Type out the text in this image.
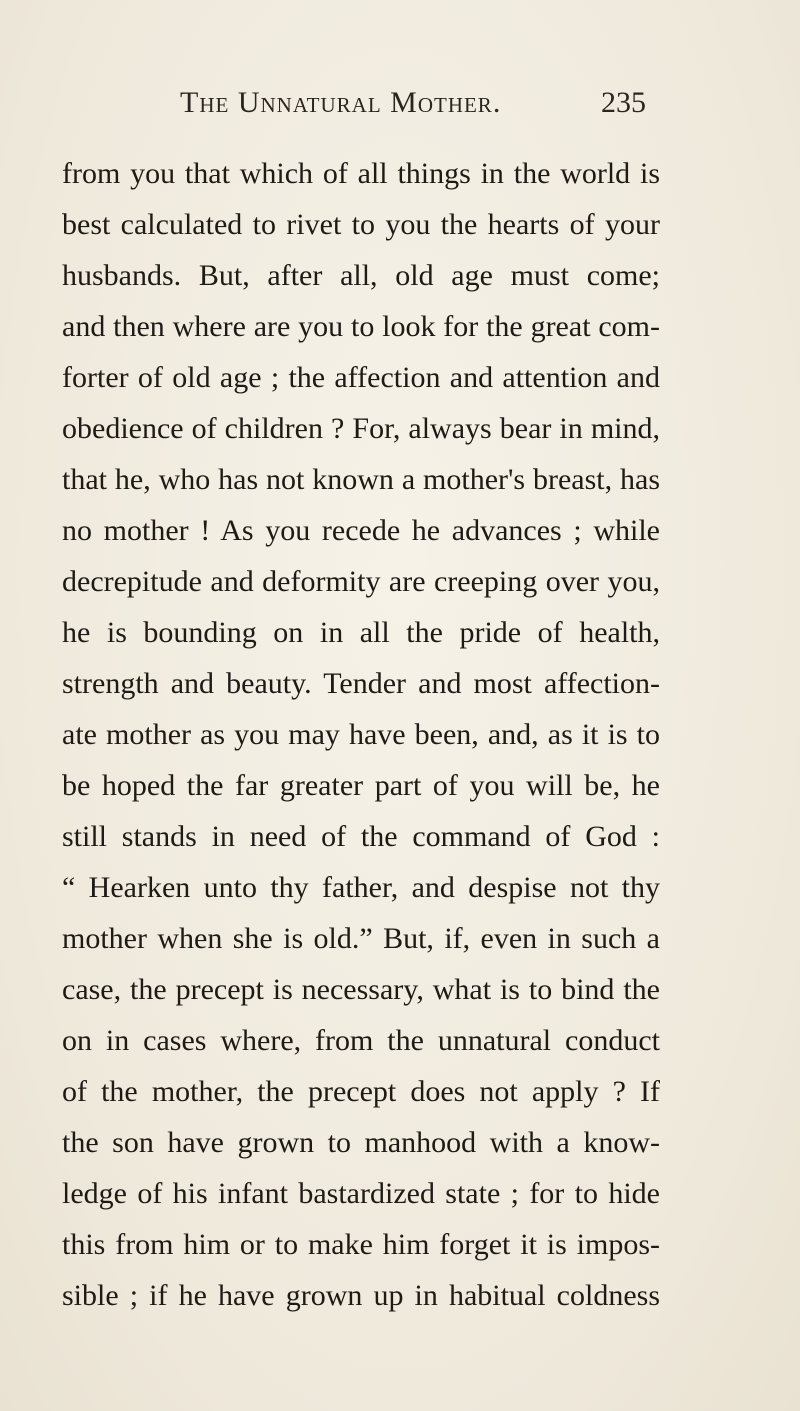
The Unnatural Mother.	235
from you that which of all things in the world is
best calculated to rivet to you the hearts of your
husbands. But, after all, old age must come;
and then where are you to look for the great com-
forter of old age ; the affection and attention and
obedience of children ? For, always bear in mind,
that he, who has not known a mother's breast, has
no mother ! As you recede he advances ; while
decrepitude and deformity are creeping over you,
he is bounding on in all the pride of health,
strength and beauty. Tender and most affection-
ate mother as you may have been, and, as it is to
be hoped the far greater part of you will be, he
still stands in need of the command of God :
“ Hearken unto thy father, and despise not thy
mother when she is old.” But, if, even in such a
case, the precept is necessary, what is to bind the
on in cases where, from the unnatural conduct
of the mother, the precept does not apply ? If
the son have grown to manhood with a know-
ledge of his infant bastardized state ; for to hide
this from him or to make him forget it is impos-
sible ; if he have grown up in habitual coldness
